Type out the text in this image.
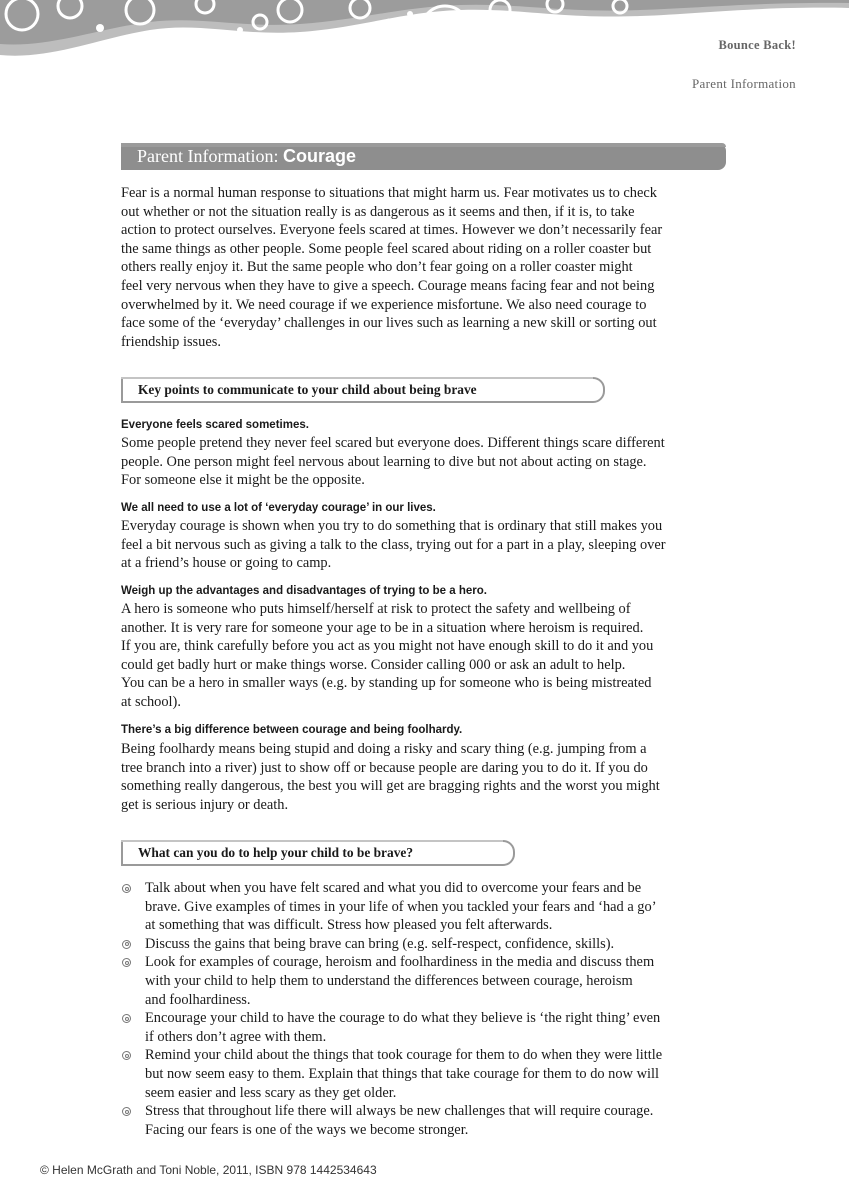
Bounce Back!
Parent Information
Parent Information: Courage
Fear is a normal human response to situations that might harm us. Fear motivates us to check
out whether or not the situation really is as dangerous as it seems and then, if it is, to take
action to protect ourselves. Everyone feels scared at times. However we don’t necessarily fear
the same things as other people. Some people feel scared about riding on a roller coaster but
others really enjoy it. But the same people who don’t fear going on a roller coaster might
feel very nervous when they have to give a speech. Courage means facing fear and not being
overwhelmed by it. We need courage if we experience misfortune. We also need courage to
face some of the ‘everyday’ challenges in our lives such as learning a new skill or sorting out
friendship issues.
Key points to communicate to your child about being brave
Everyone feels scared sometimes.
Some people pretend they never feel scared but everyone does. Different things scare different
people. One person might feel nervous about learning to dive but not about acting on stage.
For someone else it might be the opposite.
We all need to use a lot of ‘everyday courage’ in our lives.
Everyday courage is shown when you try to do something that is ordinary that still makes you
feel a bit nervous such as giving a talk to the class, trying out for a part in a play, sleeping over
at a friend’s house or going to camp.
Weigh up the advantages and disadvantages of trying to be a hero.
A hero is someone who puts himself/herself at risk to protect the safety and wellbeing of
another. It is very rare for someone your age to be in a situation where heroism is required.
If you are, think carefully before you act as you might not have enough skill to do it and you
could get badly hurt or make things worse. Consider calling 000 or ask an adult to help.
You can be a hero in smaller ways (e.g. by standing up for someone who is being mistreated
at school).
There’s a big difference between courage and being foolhardy.
Being foolhardy means being stupid and doing a risky and scary thing (e.g. jumping from a
tree branch into a river) just to show off or because people are daring you to do it. If you do
something really dangerous, the best you will get are bragging rights and the worst you might
get is serious injury or death.
What can you do to help your child to be brave?
Talk about when you have felt scared and what you did to overcome your fears and be
brave. Give examples of times in your life of when you tackled your fears and ‘had a go’
at something that was difficult. Stress how pleased you felt afterwards.
Discuss the gains that being brave can bring (e.g. self-respect, confidence, skills).
Look for examples of courage, heroism and foolhardiness in the media and discuss them
with your child to help them to understand the differences between courage, heroism
and foolhardiness.
Encourage your child to have the courage to do what they believe is ‘the right thing’ even
if others don’t agree with them.
Remind your child about the things that took courage for them to do when they were little
but now seem easy to them. Explain that things that take courage for them to do now will
seem easier and less scary as they get older.
Stress that throughout life there will always be new challenges that will require courage.
Facing our fears is one of the ways we become stronger.
© Helen McGrath and Toni Noble, 2011, ISBN 978 1442534643
